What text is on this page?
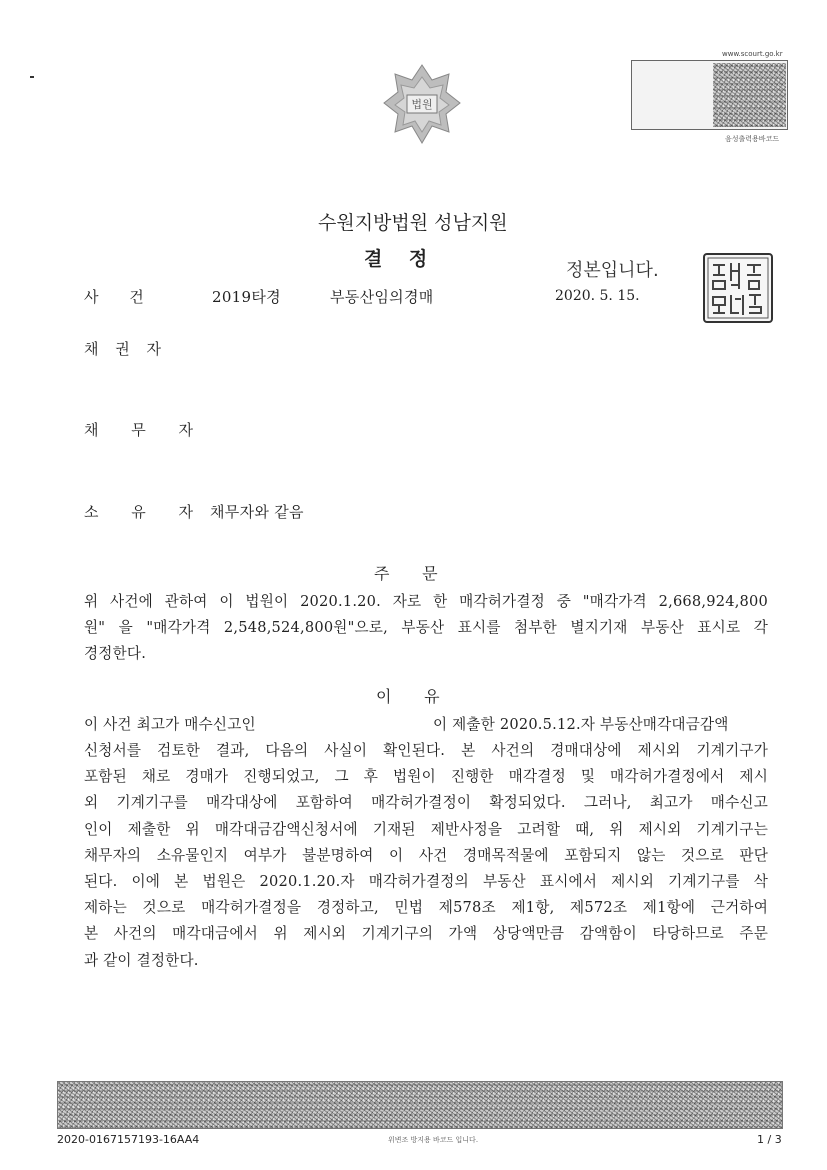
법원
www.scourt.go.kr
음성출력용바코드
수원지방법원 성남지원
결    정
정본입니다.
2020. 5. 15.
사      건	2019타경	부동산임의경매
채 권 자
채 무 자
소 유 자 채무자와 같음
주      문
위 사건에 관하여 이 법원이 2020.1.20. 자로 한 매각허가결정 중 "매각가격 2,668,924,800
원" 을 "매각가격 2,548,524,800원"으로, 부동산 표시를 첨부한 별지기재 부동산 표시로 각
경정한다.
이      유
이 사건 최고가 매수신고인	이 제출한 2020.5.12.자 부동산매각대금감액
신청서를 검토한 결과, 다음의 사실이 확인된다. 본 사건의 경매대상에 제시외 기계기구가
포함된 채로 경매가 진행되었고, 그 후 법원이 진행한 매각결정 및 매각허가결정에서 제시
외 기계기구를 매각대상에 포함하여 매각허가결정이 확정되었다. 그러나, 최고가 매수신고
인이 제출한 위 매각대금감액신청서에 기재된 제반사정을 고려할 때, 위 제시외 기계기구는
채무자의 소유물인지 여부가 불분명하여 이 사건 경매목적물에 포함되지 않는 것으로 판단
된다. 이에 본 법원은 2020.1.20.자 매각허가결정의 부동산 표시에서 제시외 기계기구를 삭
제하는 것으로 매각허가결정을 경정하고, 민법 제578조 제1항, 제572조 제1항에 근거하여
본 사건의 매각대금에서 위 제시외 기계기구의 가액 상당액만큼 감액함이 타당하므로 주문
과 같이 결정한다.
2020-0167157193-16AA4	위변조 방지용 바코드 입니다.	1 / 3
